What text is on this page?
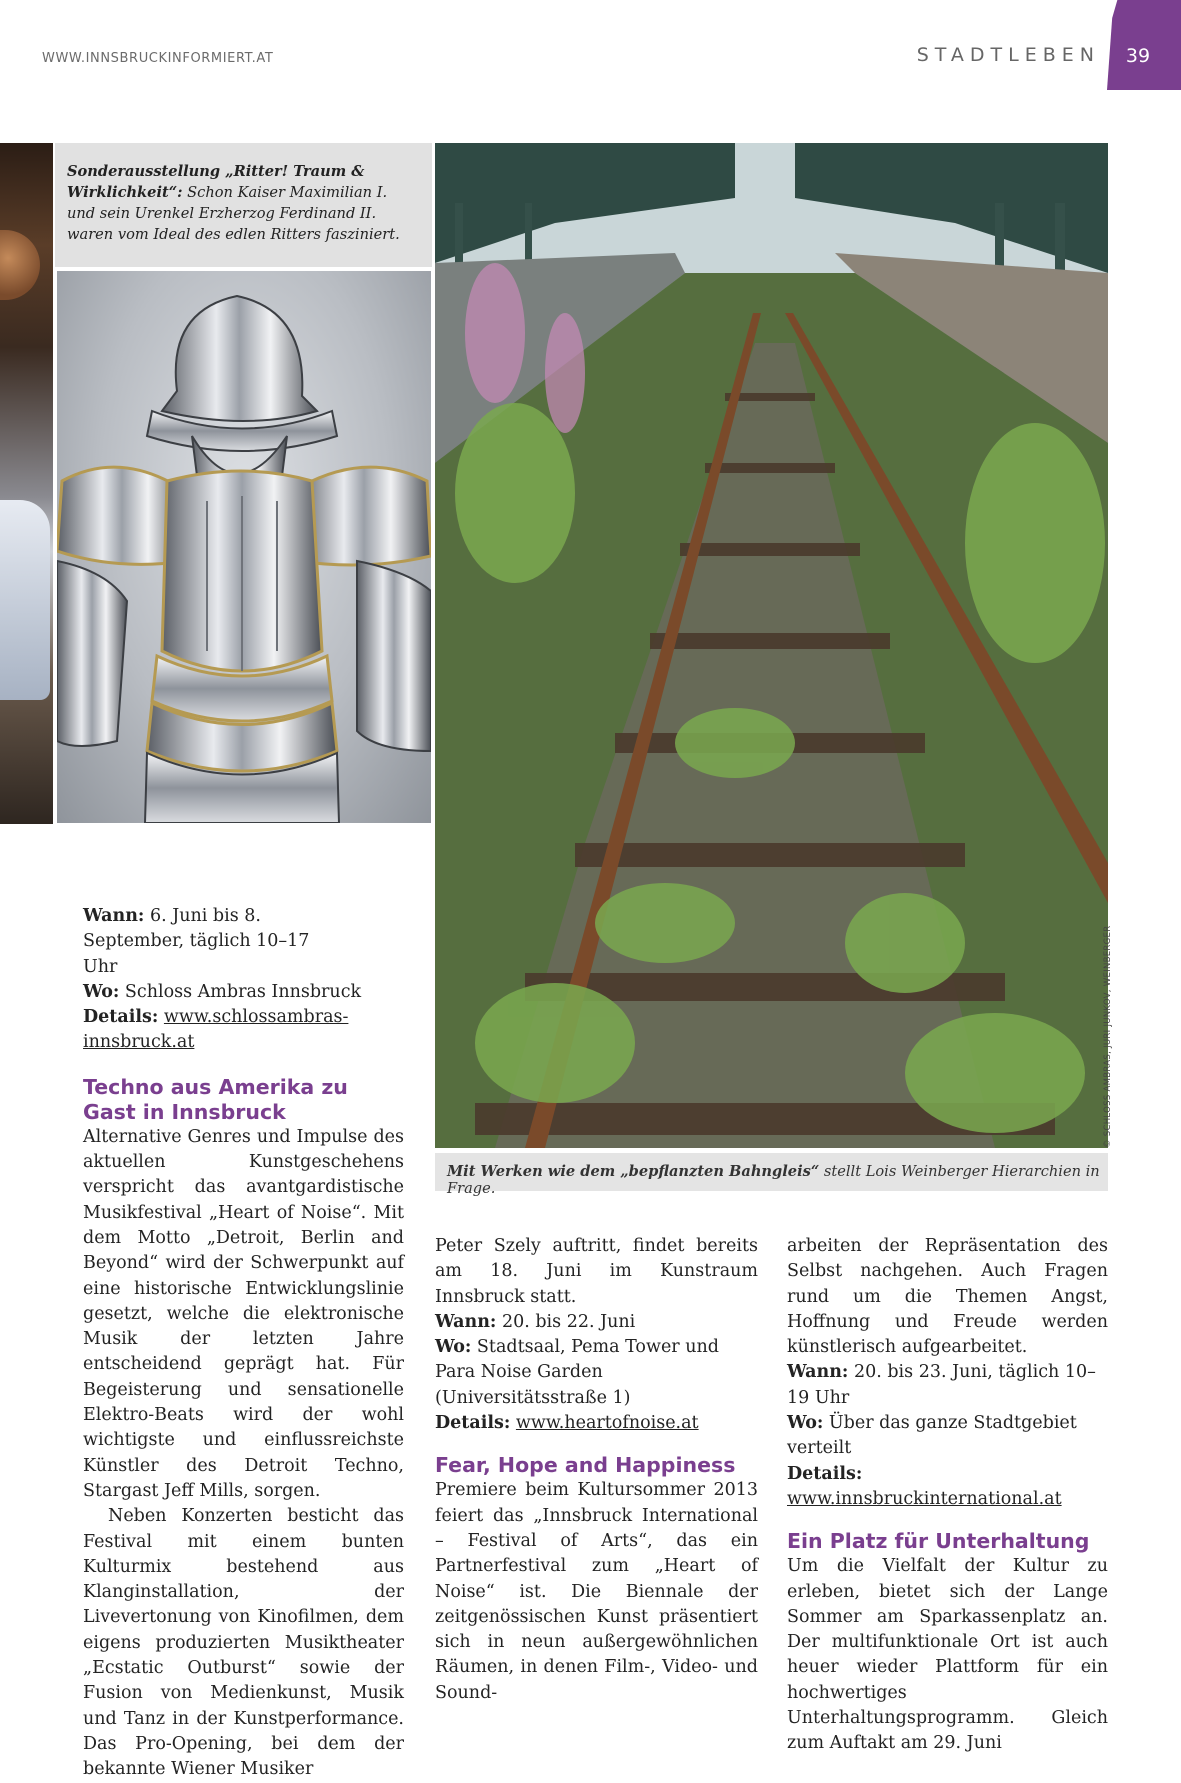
WWW.INNSBRUCKINFORMIERT.AT	STADTLEBEN	39
Sonderausstellung „Ritter! Traum & Wirklichkeit“: Schon Kaiser Maximilian I. und sein Urenkel Erzherzog Ferdinand II. waren vom Ideal des edlen Ritters fasziniert.
Mit Werken wie dem „bepflanzten Bahngleis“ stellt Lois Weinberger Hierarchien in Frage.
© SCHLOSS AMBRAS, JURI JUNKOV, WEINBERGER

Wann: 6. Juni bis 8. September, täglich 10–17 Uhr

Wo: Schloss Ambras Innsbruck

Details: www.schlossambras-innsbruck.at

Techno aus Amerika zu Gast in Innsbruck

Alternative Genres und Impulse des aktuellen Kunstgeschehens verspricht das avantgardistische Musikfestival „Heart of Noise“. Mit dem Motto „Detroit, Berlin and Beyond“ wird der Schwerpunkt auf eine historische Entwicklungslinie gesetzt, welche die elektronische Musik der letzten Jahre entscheidend geprägt hat. Für Begeisterung und sensationelle Elektro-Beats wird der wohl wichtigste und einflussreichste Künstler des Detroit Techno, Stargast Jeff Mills, sorgen.

Neben Konzerten besticht das Festival mit einem bunten Kulturmix bestehend aus Klanginstallation, der Livevertonung von Kinofilmen, dem eigens produzierten Musiktheater „Ecstatic Outburst“ sowie der Fusion von Medienkunst, Musik und Tanz in der Kunstperformance. Das Pro-Opening, bei dem der bekannte Wiener Musiker

Peter Szely auftritt, findet bereits am 18. Juni im Kunstraum Innsbruck statt.

Wann: 20. bis 22. Juni

Wo: Stadtsaal, Pema Tower und Para Noise Garden (Universitätsstraße 1)

Details: www.heartofnoise.at

Fear, Hope and Happiness

Premiere beim Kultursommer 2013 feiert das „Innsbruck International – Festival of Arts“, das ein Partnerfestival zum „Heart of Noise“ ist. Die Biennale der zeitgenössischen Kunst präsentiert sich in neun außergewöhnlichen Räumen, in denen Film-, Video- und Sound-

arbeiten der Repräsentation des Selbst nachgehen. Auch Fragen rund um die Themen Angst, Hoffnung und Freude werden künstlerisch aufgearbeitet.

Wann: 20. bis 23. Juni, täglich 10–19 Uhr

Wo: Über das ganze Stadtgebiet verteilt

Details: www.innsbruckinternational.at

Ein Platz für Unterhaltung

Um die Vielfalt der Kultur zu erleben, bietet sich der Lange Sommer am Sparkassenplatz an. Der multifunktionale Ort ist auch heuer wieder Plattform für ein hochwertiges Unterhaltungsprogramm. Gleich zum Auftakt am 29. Juni
